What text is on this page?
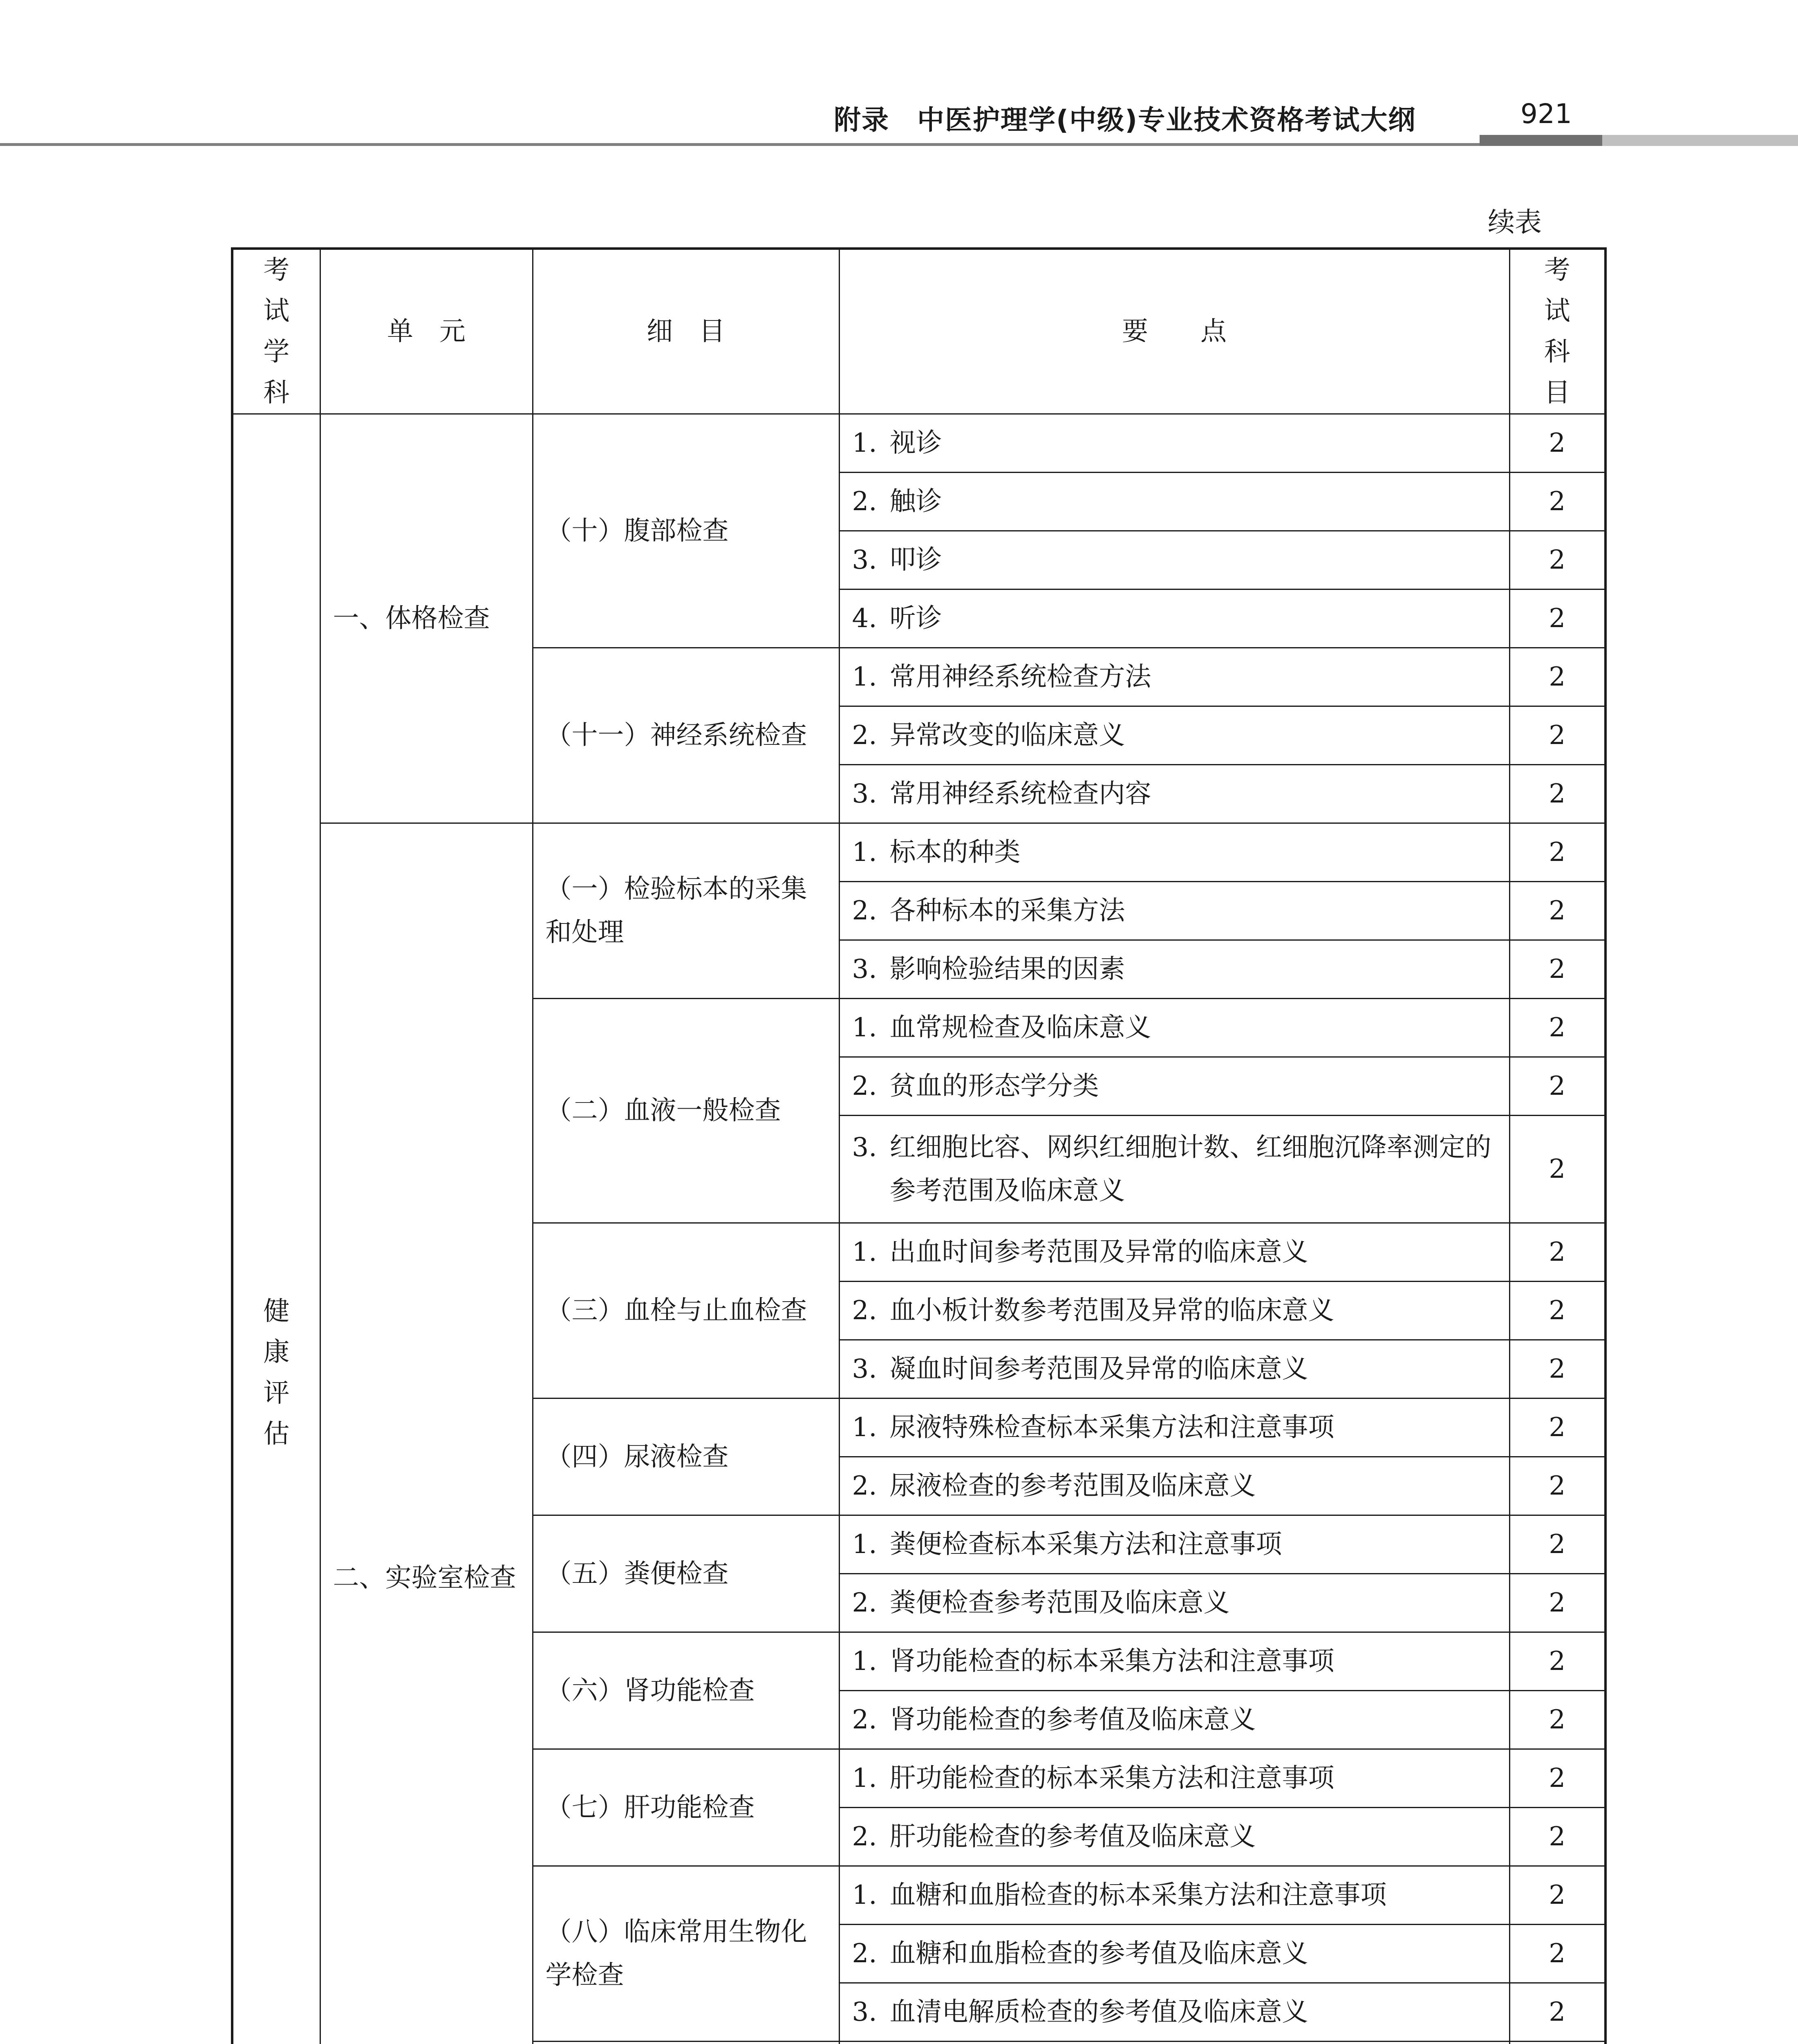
附录　中医护理学(中级)专业技术资格考试大纲	921
续表
考试学科	单　元	细　目	要　　点	考试科目
健康评估	一、体格检查	（十）腹部检查	1. 视诊	2

			2. 触诊	2

			3. 叩诊	2

			4. 听诊	2
		（十一）神经系统检查	1. 常用神经系统检查方法	2

			2. 异常改变的临床意义	2

			3. 常用神经系统检查内容	2
	二、实验室检查	（一）检验标本的采集和处理	1. 标本的种类	2

			2. 各种标本的采集方法	2

			3. 影响检验结果的因素	2
		（二）血液一般检查	1. 血常规检查及临床意义	2

			2. 贫血的形态学分类	2

			3. 红细胞比容、网织红细胞计数、红细胞沉降率测定的参考范围及临床意义	2
		（三）血栓与止血检查	1. 出血时间参考范围及异常的临床意义	2

			2. 血小板计数参考范围及异常的临床意义	2

			3. 凝血时间参考范围及异常的临床意义	2
		（四）尿液检查	1. 尿液特殊检查标本采集方法和注意事项	2

			2. 尿液检查的参考范围及临床意义	2
		（五）粪便检查	1. 粪便检查标本采集方法和注意事项	2

			2. 粪便检查参考范围及临床意义	2
		（六）肾功能检查	1. 肾功能检查的标本采集方法和注意事项	2

			2. 肾功能检查的参考值及临床意义	2
		（七）肝功能检查	1. 肝功能检查的标本采集方法和注意事项	2

			2. 肝功能检查的参考值及临床意义	2
		（八）临床常用生物化学检查	1. 血糖和血脂检查的标本采集方法和注意事项	2

			2. 血糖和血脂检查的参考值及临床意义	2

			3. 血清电解质检查的参考值及临床意义	2
